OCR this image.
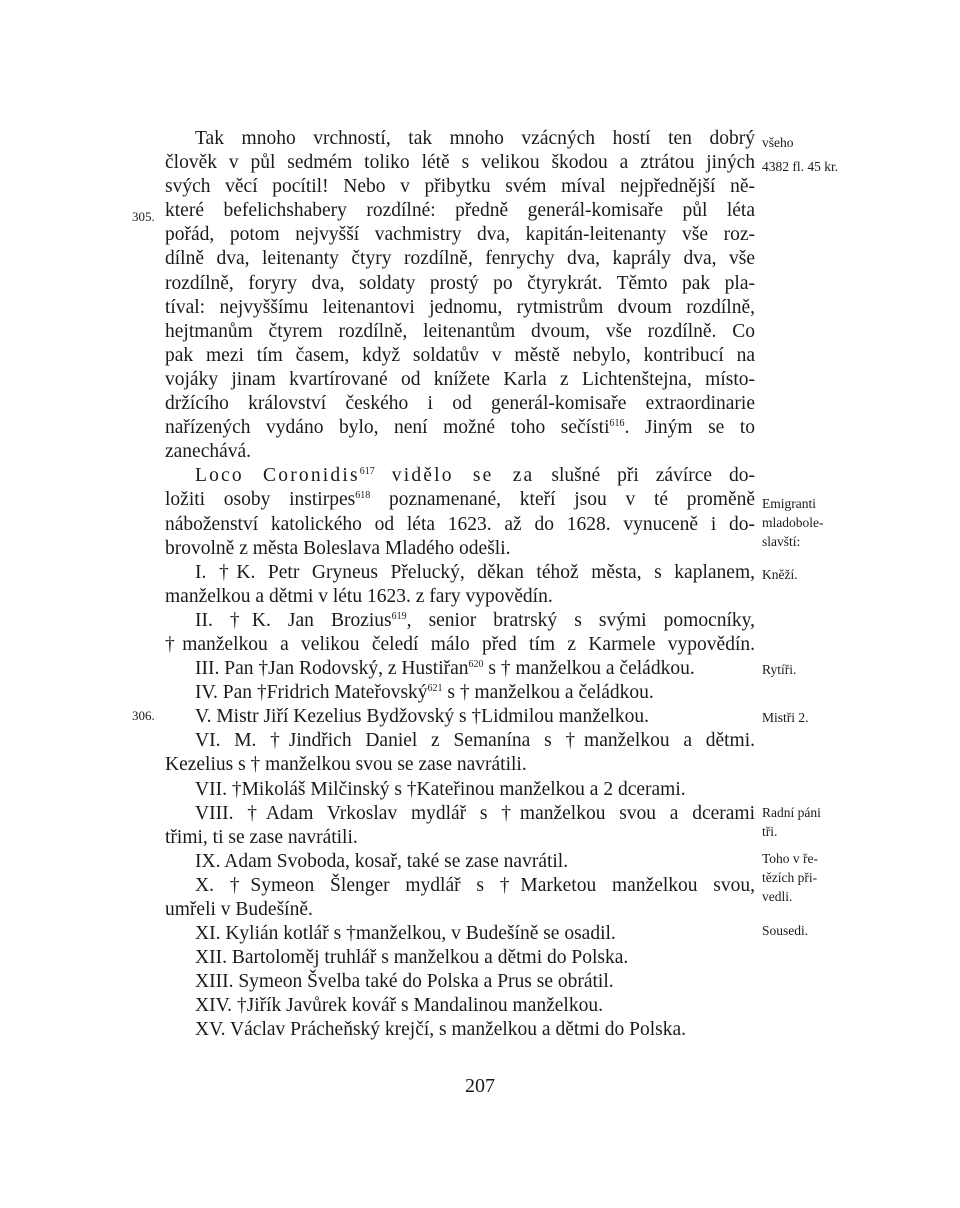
Tak mnoho vrchností, tak mnoho vzácných hostí ten dobrý
člověk v půl sedmém toliko létě s velikou škodou a ztrátou jiných
svých věcí pocítil! Nebo v přibytku svém míval nejpřednější ně-
které befelichshabery rozdílné: předně generál-komisaře půl léta
pořád, potom nejvyšší vachmistry dva, kapitán-leitenanty vše roz-
dílně dva, leitenanty čtyry rozdílně, fenrychy dva, kaprály dva, vše
rozdílně, foryry dva, soldaty prostý po čtyrykrát. Těmto pak pla-
tíval: nejvyššímu leitenantovi jednomu, rytmistrům dvoum rozdílně,
hejtmanům čtyrem rozdílně, leitenantům dvoum, vše rozdílně. Co
pak mezi tím časem, když soldatův v městě nebylo, kontribucí na
vojáky jinam kvartírované od knížete Karla z Lichtenštejna, místo-
držícího království českého i od generál-komisaře extraordinarie
nařízených vydáno bylo, není možné toho sečísti$^{616}$. Jiným se to
zanechává.
Loco Coronidis$^{617}$ vidělo se za slušné při závírce do-
ložiti osoby instirpes$^{618}$ poznamenané, kteří jsou v té proměně
náboženství katolického od léta 1623. až do 1628. vynuceně i do-
brovolně z města Boleslava Mladého odešli.
I. †K. Petr Gryneus Přelucký, děkan téhož města, s kaplanem,
manželkou a dětmi v létu 1623. z fary vypovědín.
II. †K. Jan Brozius$^{619}$, senior bratrský s svými pomocníky,
†manželkou a velikou čeledí málo před tím z Karmele vypovědín.
III. Pan †Jan Rodovský, z Hustiřan$^{620}$ s † manželkou a čeládkou.
IV. Pan †Fridrich Mateřovský$^{621}$ s † manželkou a čeládkou.
V. Mistr Jiří Kezelius Bydžovský s †Lidmilou manželkou.
VI. M. †Jindřich Daniel z Semanína s †manželkou a dětmi.
Kezelius s † manželkou svou se zase navrátili.
VII. †Mikoláš Milčinský s †Kateřinou manželkou a 2 dcerami.
VIII. †Adam Vrkoslav mydlář s †manželkou svou a dcerami
třimi, ti se zase navrátili.
IX. Adam Svoboda, kosař, také se zase navrátil.
X. †Symeon Šlenger mydlář s †Marketou manželkou svou,
umřeli v Budešíně.
XI. Kylián kotlář s †manželkou, v Budešíně se osadil.
XII. Bartoloměj truhlář s manželkou a dětmi do Polska.
XIII. Symeon Švelba také do Polska a Prus se obrátil.
XIV. †Jiřík Javůrek kovář s Mandalinou manželkou.
XV. Václav Prácheňský krejčí, s manželkou a dětmi do Polska.
305.
306.
všeho
4382 fl. 45 kr.
Emigranti
mladobole-
slavští:
Kněží.
Rytíři.
Mistři 2.
Radní páni
tři.
Toho v ře-
tězích při-
vedli.
Sousedi.
207
